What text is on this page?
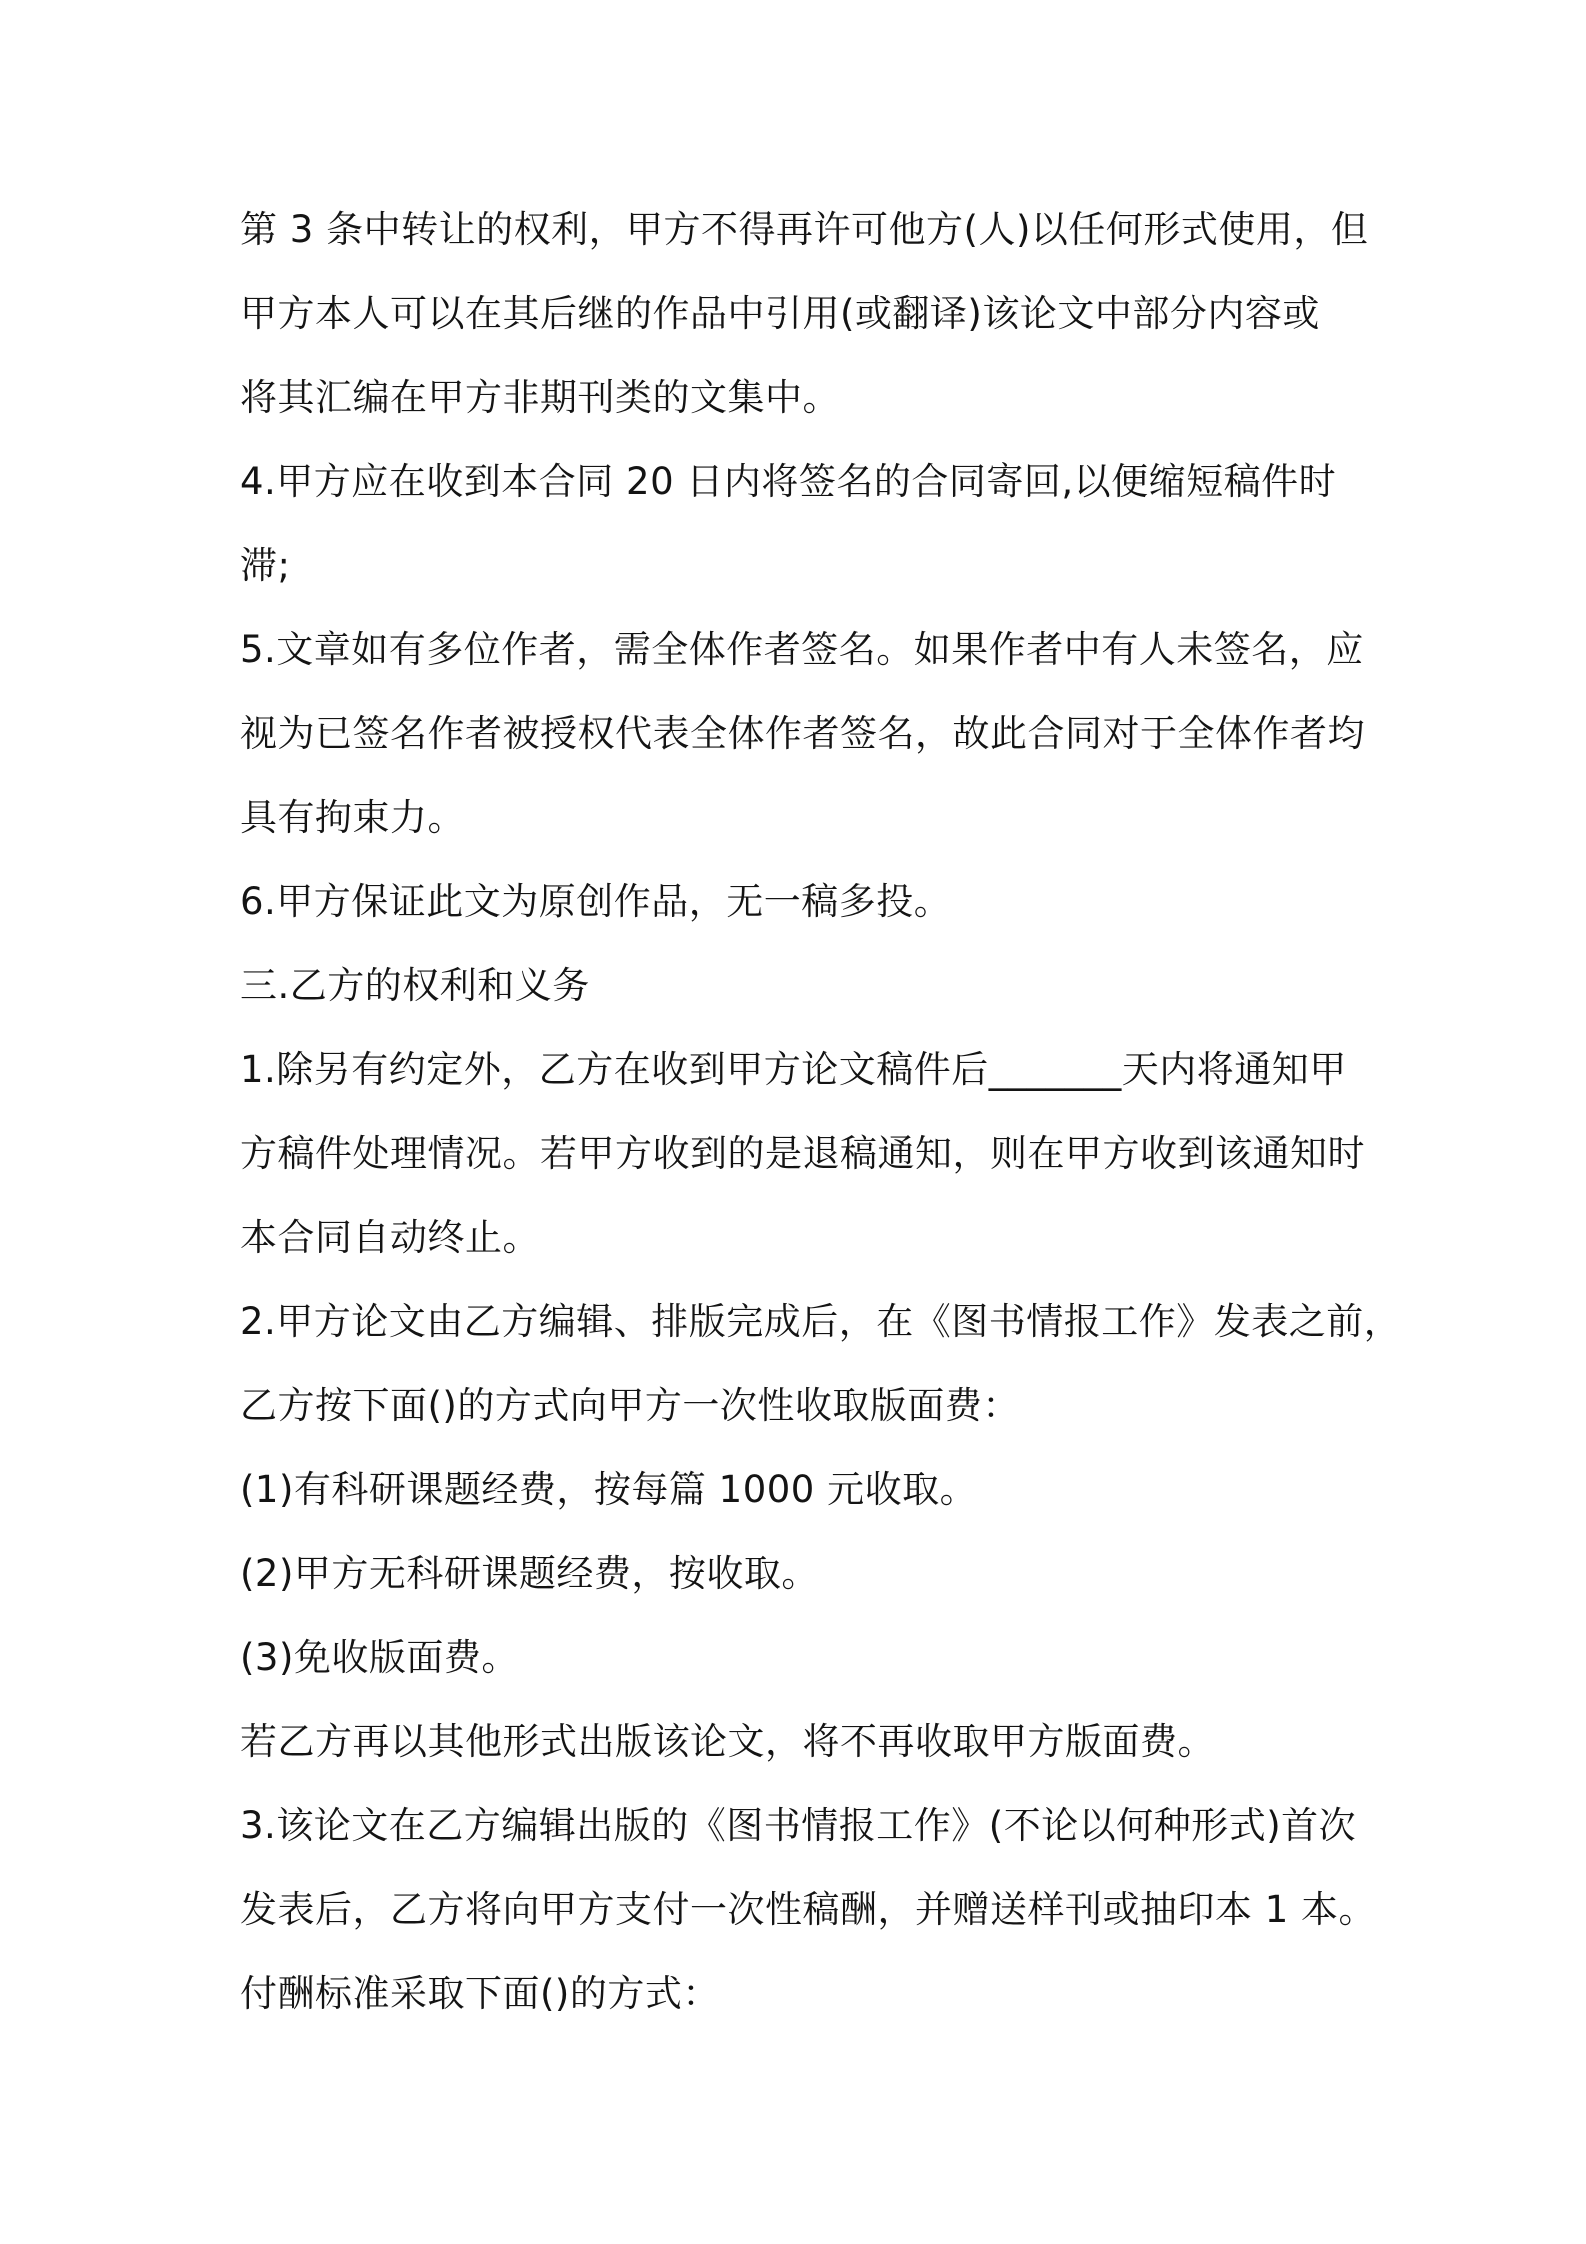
第 3 条中转让的权利，甲方不得再许可他方(人)以任何形式使用，但
甲方本人可以在其后继的作品中引用(或翻译)该论文中部分内容或
将其汇编在甲方非期刊类的文集中。
4.甲方应在收到本合同 20 日内将签名的合同寄回,以便缩短稿件时
滞;
5.文章如有多位作者，需全体作者签名。如果作者中有人未签名，应
视为已签名作者被授权代表全体作者签名，故此合同对于全体作者均
具有拘束力。
6.甲方保证此文为原创作品，无一稿多投。
三.乙方的权利和义务
1.除另有约定外，乙方在收到甲方论文稿件后_______天内将通知甲
方稿件处理情况。若甲方收到的是退稿通知，则在甲方收到该通知时
本合同自动终止。
2.甲方论文由乙方编辑、排版完成后，在《图书情报工作》发表之前，
乙方按下面()的方式向甲方一次性收取版面费：
(1)有科研课题经费，按每篇 1000 元收取。
(2)甲方无科研课题经费，按收取。
(3)免收版面费。
若乙方再以其他形式出版该论文，将不再收取甲方版面费。
3.该论文在乙方编辑出版的《图书情报工作》(不论以何种形式)首次
发表后，乙方将向甲方支付一次性稿酬，并赠送样刊或抽印本 1 本。
付酬标准采取下面()的方式：
